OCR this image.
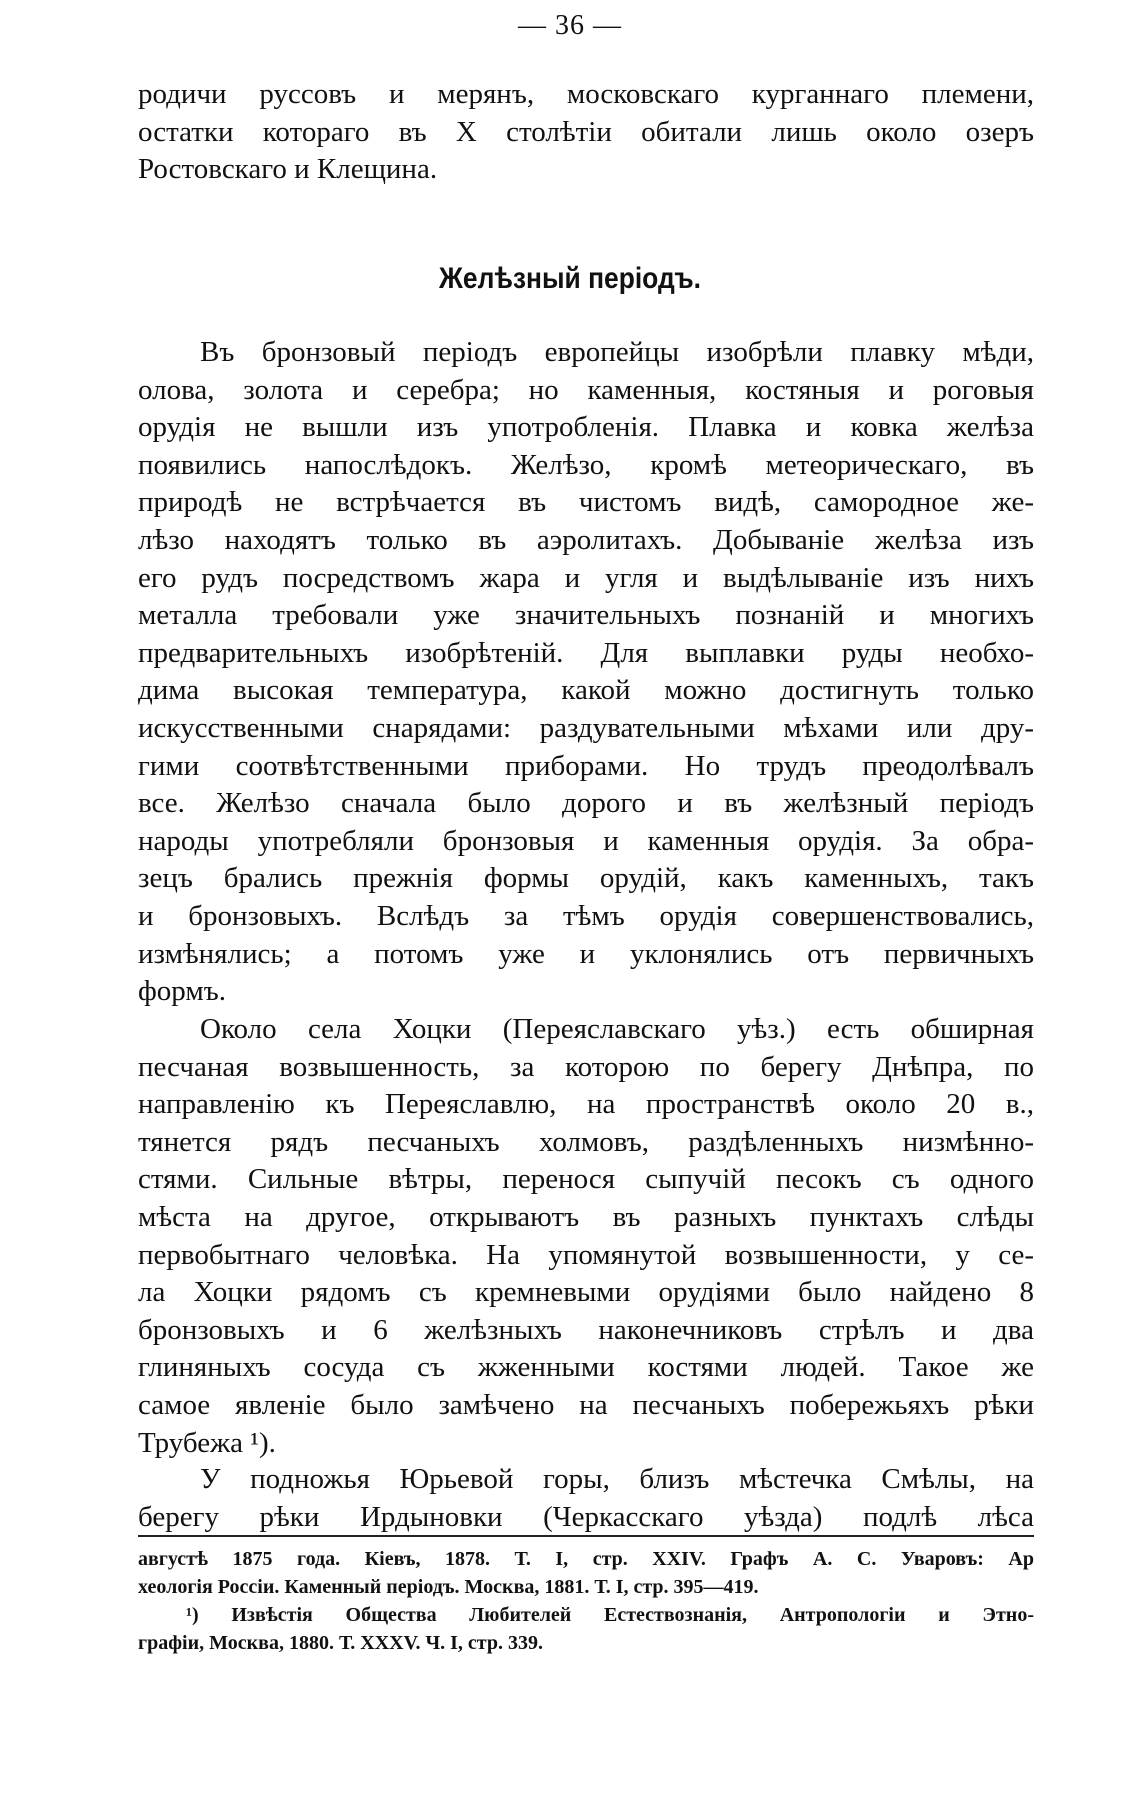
— 36 —
родичи руссовъ и мерянъ, московскаго курганнаго племени,
остатки котораго въ X столѣтіи обитали лишь около озеръ
Ростовскаго и Клещина.
Желѣзный періодъ.
Въ бронзовый періодъ европейцы изобрѣли плавку мѣди,
олова, золота и серебра; но каменныя, костяныя и роговыя
орудія не вышли изъ употробленія. Плавка и ковка желѣза
появились напослѣдокъ. Желѣзо, кромѣ метеорическаго, въ
природѣ не встрѣчается въ чистомъ видѣ, самородное же-
лѣзо находятъ только въ аэролитахъ. Добываніе желѣза изъ
его рудъ посредствомъ жара и угля и выдѣлываніе изъ нихъ
металла требовали уже значительныхъ познаній и многихъ
предварительныхъ изобрѣтеній. Для выплавки руды необхо-
дима высокая температура, какой можно достигнуть только
искусственными снарядами: раздувательными мѣхами или дру-
гими соотвѣтственными приборами. Но трудъ преодолѣвалъ
все. Желѣзо сначала было дорого и въ желѣзный періодъ
народы употребляли бронзовыя и каменныя орудія. За обра-
зецъ брались прежнія формы орудій, какъ каменныхъ, такъ
и бронзовыхъ. Вслѣдъ за тѣмъ орудія совершенствовались,
измѣнялись; а потомъ уже и уклонялись отъ первичныхъ
формъ.
Около села Хоцки (Переяславскаго уѣз.) есть обширная
песчаная возвышенность, за которою по берегу Днѣпра, по
направленію къ Переяславлю, на пространствѣ около 20 в.,
тянется рядъ песчаныхъ холмовъ, раздѣленныхъ низмѣнно-
стями. Сильные вѣтры, перенося сыпучій песокъ съ одного
мѣста на другое, открываютъ въ разныхъ пунктахъ слѣды
первобытнаго человѣка. На упомянутой возвышенности, у се-
ла Хоцки рядомъ съ кремневыми орудіями было найдено 8
бронзовыхъ и 6 желѣзныхъ наконечниковъ стрѣлъ и два
глиняныхъ сосуда съ жженными костями людей. Такое же
самое явленіе было замѣчено на песчаныхъ побережьяхъ рѣки
Трубежа ¹).
У подножья Юрьевой горы, близъ мѣстечка Смѣлы, на
берегу рѣки Ирдыновки (Черкасскаго уѣзда) подлѣ лѣса
августѣ 1875 года. Кіевъ, 1878. Т. I, стр. XXIV. Графъ А. С. Уваровъ: Ар
хеологія Россіи. Каменный періодъ. Москва, 1881. Т. I, стр. 395—419.
¹) Извѣстія Общества Любителей Естествознанія, Антропологіи и Этно-
графіи, Москва, 1880. Т. XXXV. Ч. I, стр. 339.
